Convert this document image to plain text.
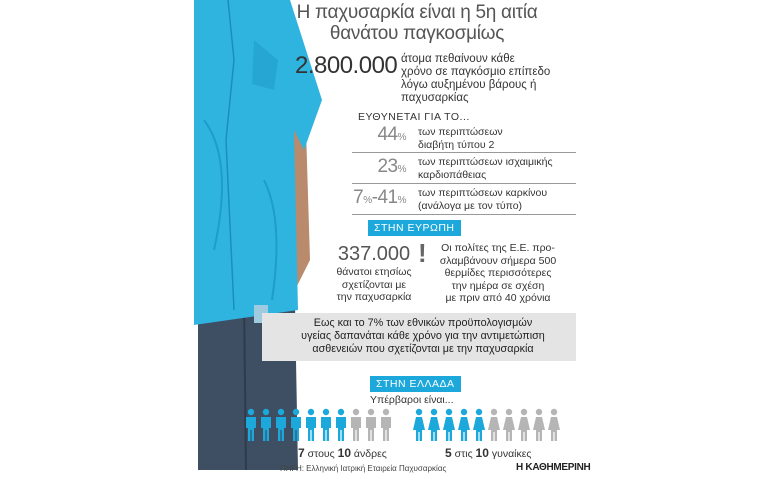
Η παχυσαρκία είναι η 5η αιτία
θανάτου παγκοσμίως
2.800.000 άτομα πεθαίνουν κάθε
χρόνο σε παγκόσμιο επίπεδο
λόγω αυξημένου βάρους ή
παχυσαρκίας
ΕΥΘΥΝΕΤΑΙ ΓΙΑ ΤΟ...
44% των περιπτώσεων
διαβήτη τύπου 2
23%
των περιπτώσεων ισχαιμικής
καρδιοπάθειας
7%-41%
των περιπτώσεων καρκίνου
(ανάλογα με τον τύπο)
ΣΤΗΝ ΕΥΡΩΠΗ
337.000
θάνατοι ετησίως
σχετίζονται με
την παχυσαρκία
!	Οι πολίτες της Ε.Ε. προ-
σλαμβάνουν σήμερα 500
θερμίδες περισσότερες
την ημέρα σε σχέση
με πριν από 40 χρόνια
Εως και το 7% των εθνικών προϋπολογισμών
υγείας δαπανάται κάθε χρόνο για την αντιμετώπιση
ασθενειών που σχετίζονται με την παχυσαρκία
ΣΤΗΝ ΕΛΛΑΔΑ
Υπέρβαροι είναι...
7 στους 10 άνδρες	5 στις 10 γυναίκες
ΠΗΓΗ: Ελληνική Ιατρική Εταιρεία Παχυσαρκίας	Η ΚΑΘΗΜΕΡΙΝΗ
